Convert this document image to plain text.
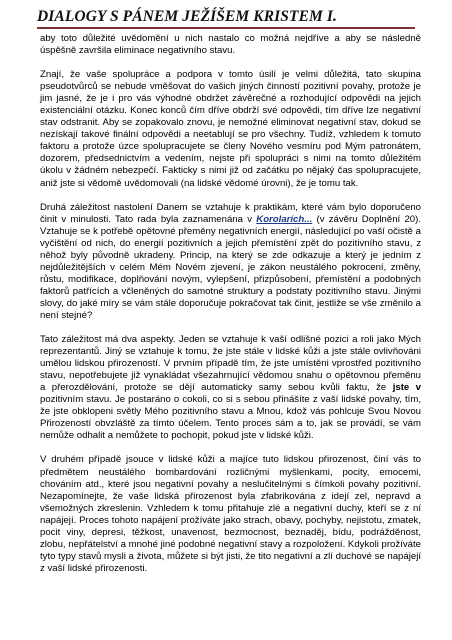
DIALOGY S PÁNEM JEŽÍŠEM KRISTEM I.

aby toto důležité uvědomění u nich nastalo co možná nejdříve a aby se následně úspěšně završila eliminace negativního stavu.

Znají, že vaše spolupráce a podpora v tomto úsilí je velmi důležitá, tato skupina pseudotvůrců se nebude vměšovat do vašich jiných činností pozitivní povahy, protože je jim jasné, že je i pro vás výhodné obdržet závěrečné a rozhodující odpovědi na jejich existenciální otázku. Konec konců čím dříve obdrží své odpovědi, tím dříve lze negativní stav odstranit. Aby se zopakovalo znovu, je nemožné eliminovat negativní stav, dokud se nezískají takové finální odpovědi a neetablují se pro všechny. Tudíž, vzhledem k tomuto faktoru a protože úzce spolupracujete se členy Nového vesmíru pod Mým patronátem, dozorem, předsednictvím a vedením, nejste při spolupráci s nimi na tomto důležitém úkolu v žádném nebezpečí. Fakticky s nimi již od začátku po nějaký čas spolupracujete, aniž jste si vědomě uvědomovali (na lidské vědomé úrovni), že je tomu tak.

Druhá záležitost nastolení Danem se vztahuje k praktikám, které vám bylo doporučeno činit v minulosti. Tato rada byla zaznamenána v Korolarích... (v závěru Doplnění 20). Vztahuje se k potřebě opětovné přeměny negativních energií, následující po vaší očistě a vyčištění od nich, do energií pozitivních a jejich přemístění zpět do pozitivního stavu, z něhož byly původně ukradeny. Princip, na který se zde odkazuje a který je jedním z nejdůležitějších v celém Mém Novém zjevení, je zákon neustálého pokrocení, změny, růstu, modifikace, doplňování novým, vylepšení, přizpůsobení, přemístění a podobných faktorů patřících a včleněných do samotné struktury a podstaty pozitivního stavu. Jinými slovy, do jaké míry se vám stále doporučuje pokračovat tak činit, jestliže se vše změnilo a není stejné?

Tato záležitost má dva aspekty. Jeden se vztahuje k vaší odlišné pozici a roli jako Mých reprezentantů. Jiný se vztahuje k tomu, že jste stále v lidské kůži a jste stále ovlivňováni umělou lidskou přirozeností. V prvním případě tím, že jste umístěni vprostřed pozitivního stavu, nepotřebujete již vynakládat všezahrnující vědomou snahu o opětovnou přeměnu a přerozdělování, protože se dějí automaticky samy sebou kvůli faktu, že jste v pozitivním stavu. Je postaráno o cokoli, co si s sebou přinášíte z vaší lidské povahy, tím, že jste obklopeni světly Mého pozitivního stavu a Mnou, kdož vás pohlcuje Svou Novou Přirozeností obvzláště za tímto účelem. Tento proces sám a to, jak se provádí, se vám nemůže odhalit a nemůžete to pochopit, pokud jste v lidské kůži.

V druhém případě jsouce v lidské kůži a majíce tuto lidskou přirozenost, činí vás to předmětem neustálého bombardování rozličnými myšlenkami, pocity, emocemi, chováním atd., které jsou negativní povahy a neslučitelnými s čímkoli povahy pozitivní. Nezapomínejte, že vaše lidská přirozenost byla zfabrikována z idejí zel, nepravd a všemožných zkreslenin. Vzhledem k tomu přitahuje zlé a negativní duchy, kteří se z ní napájejí. Proces tohoto napájení prožíváte jako strach, obavy, pochyby, nejistotu, zmatek, pocit viny, depresi, těžkost, unavenost, bezmocnost, beznaděj, bídu, podrážděnost, zlobu, nepřátelství a mnohé jiné podobné negativní stavy a rozpoložení. Kdykoli prožíváte tyto typy stavů mysli a života, můžete si být jisti, že tito negativní a zlí duchové se napájejí z vaší lidské přirozenosti.
